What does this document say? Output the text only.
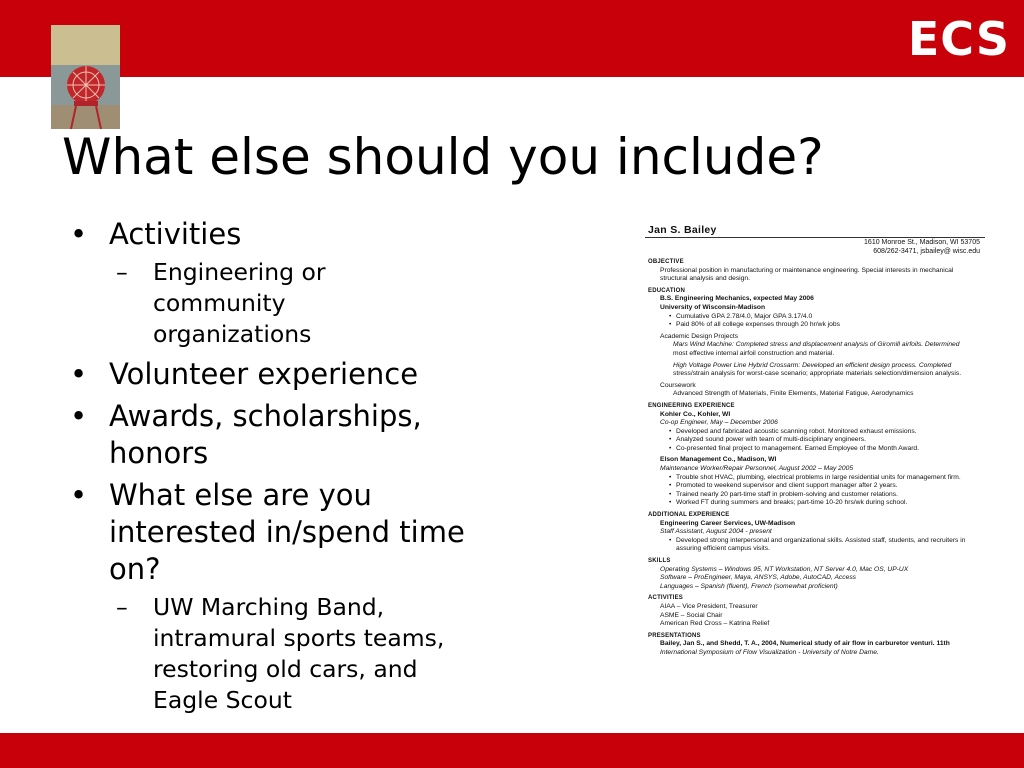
ECS
What else should you include?
• Activities
– Engineering or community organizations
• Volunteer experience
• Awards, scholarships, honors
• What else are you interested in/spend time on?
– UW Marching Band, intramural sports teams, restoring old cars, and Eagle Scout
Jan S. Bailey
1610 Monroe St., Madison, WI 53705
608/262-3471, jsbailey@ wisc.edu
OBJECTIVE
Professional position in manufacturing or maintenance engineering. Special interests in mechanical
structural analysis and design.
EDUCATION
B.S. Engineering Mechanics, expected May 2006
University of Wisconsin-Madison
• Cumulative GPA 2.78/4.0, Major GPA 3.17/4.0
• Paid 80% of all college expenses through 20 hr/wk jobs
Academic Design Projects
Mars Wind Machine: Completed stress and displacement analysis of Giromill airfoils. Determined
most effective internal airfoil construction and material.
High Voltage Power Line Hybrid Crossarm: Developed an efficient design process. Completed
stress/strain analysis for worst-case scenario; appropriate materials selection/dimension analysis.
Coursework
Advanced Strength of Materials, Finite Elements, Material Fatigue, Aerodynamics
ENGINEERING EXPERIENCE
Kohler Co., Kohler, WI
Co-op Engineer, May – December 2006
• Developed and fabricated acoustic scanning robot. Monitored exhaust emissions.
• Analyzed sound power with team of multi-disciplinary engineers.
• Co-presented final project to management. Earned Employee of the Month Award.
Elson Management Co., Madison, WI
Maintenance Worker/Repair Personnel, August 2002 – May 2005
• Trouble shot HVAC, plumbing, electrical problems in large residential units for management firm.
• Promoted to weekend supervisor and client support manager after 2 years.
• Trained nearly 20 part-time staff in problem-solving and customer relations.
• Worked FT during summers and breaks; part-time 10-20 hrs/wk during school.
ADDITIONAL EXPERIENCE
Engineering Career Services, UW-Madison
Staff Assistant, August 2004 - present
• Developed strong interpersonal and organizational skills. Assisted staff, students, and recruiters in
assuring efficient campus visits.
SKILLS
Operating Systems – Windows 95, NT Workstation, NT Server 4.0, Mac OS, UP-UX
Software – ProEngineer, Maya, ANSYS, Adobe, AutoCAD, Access
Languages – Spanish (fluent), French (somewhat proficient)
ACTIVITIES
AIAA – Vice President, Treasurer
ASME – Social Chair
American Red Cross – Katrina Relief
PRESENTATIONS
Bailey, Jan S., and Shedd, T. A., 2004, Numerical study of air flow in carburetor venturi. 11th
International Symposium of Flow Visualization - University of Notre Dame.
